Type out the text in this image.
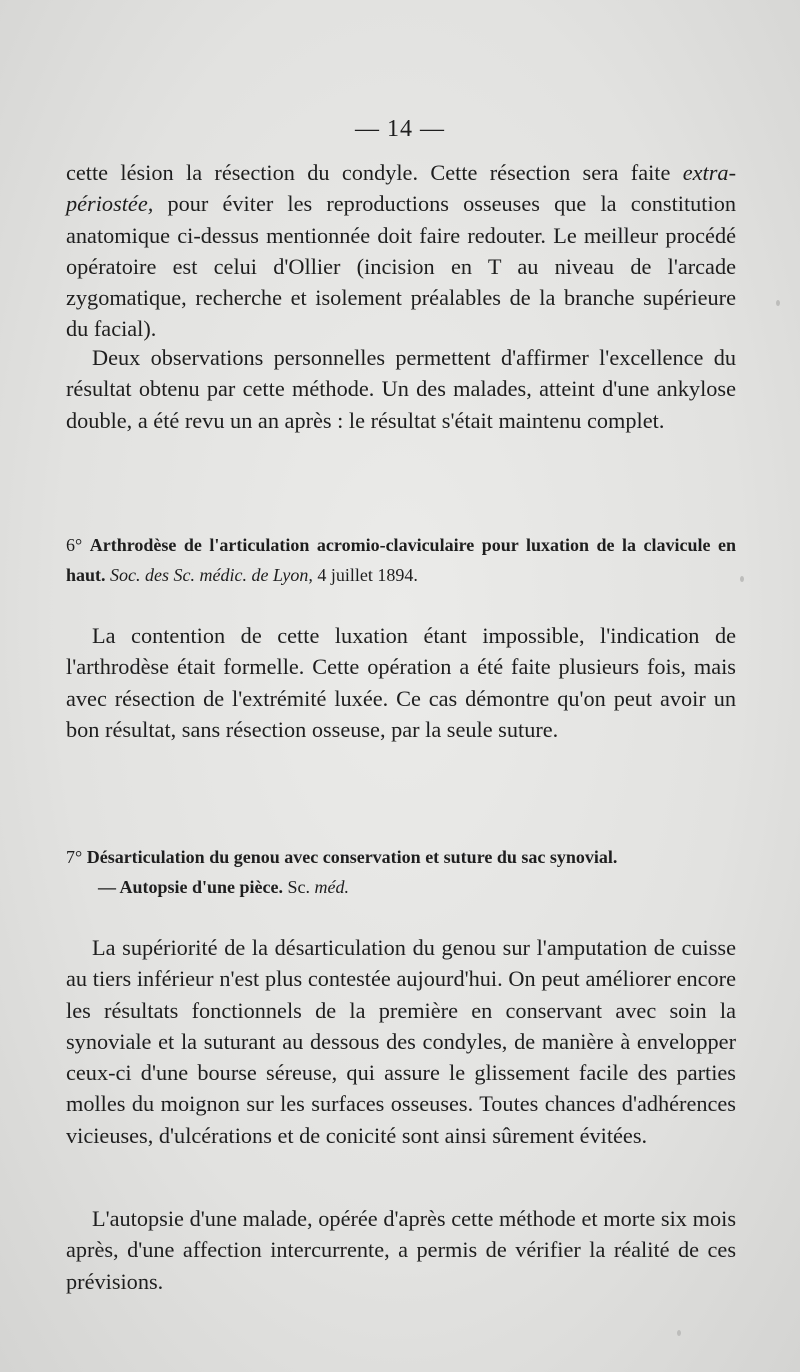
— 14 —

cette lésion la résection du condyle. Cette résection sera faite extra-périostée, pour éviter les reproductions osseuses que la constitution anatomique ci-dessus mentionnée doit faire redouter. Le meilleur procédé opératoire est celui d'Ollier (incision en T au niveau de l'arcade zygomatique, recherche et isolement préalables de la branche supérieure du facial).

Deux observations personnelles permettent d'affirmer l'excellence du résultat obtenu par cette méthode. Un des malades, atteint d'une ankylose double, a été revu un an après : le résultat s'était maintenu complet.

6° Arthrodèse de l'articulation acromio-claviculaire pour luxation de la clavicule en haut. Soc. des Sc. médic. de Lyon, 4 juillet 1894.

La contention de cette luxation étant impossible, l'indication de l'arthrodèse était formelle. Cette opération a été faite plusieurs fois, mais avec résection de l'extrémité luxée. Ce cas démontre qu'on peut avoir un bon résultat, sans résection osseuse, par la seule suture.

7° Désarticulation du genou avec conservation et suture du sac synovial.
— Autopsie d'une pièce. Sc. méd.

La supériorité de la désarticulation du genou sur l'amputation de cuisse au tiers inférieur n'est plus contestée aujourd'hui. On peut améliorer encore les résultats fonctionnels de la première en conservant avec soin la synoviale et la suturant au dessous des condyles, de manière à envelopper ceux-ci d'une bourse séreuse, qui assure le glissement facile des parties molles du moignon sur les surfaces osseuses. Toutes chances d'adhérences vicieuses, d'ulcérations et de conicité sont ainsi sûrement évitées.

L'autopsie d'une malade, opérée d'après cette méthode et morte six mois après, d'une affection intercurrente, a permis de vérifier la réalité de ces prévisions.
